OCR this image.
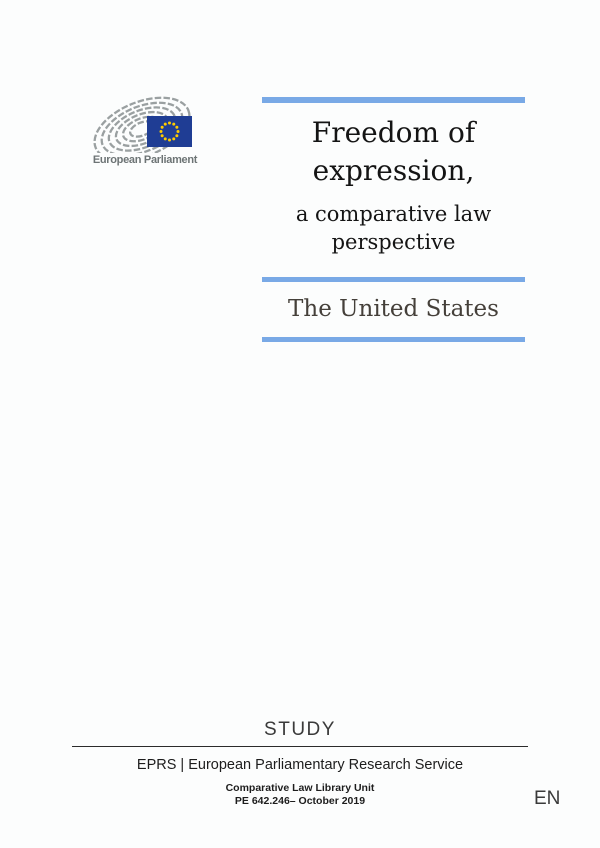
European Parliament
Freedom of expression,
a comparative law perspective
The United States
STUDY
EPRS | European Parliamentary Research Service
Comparative Law Library Unit
PE 642.246– October 2019	EN
